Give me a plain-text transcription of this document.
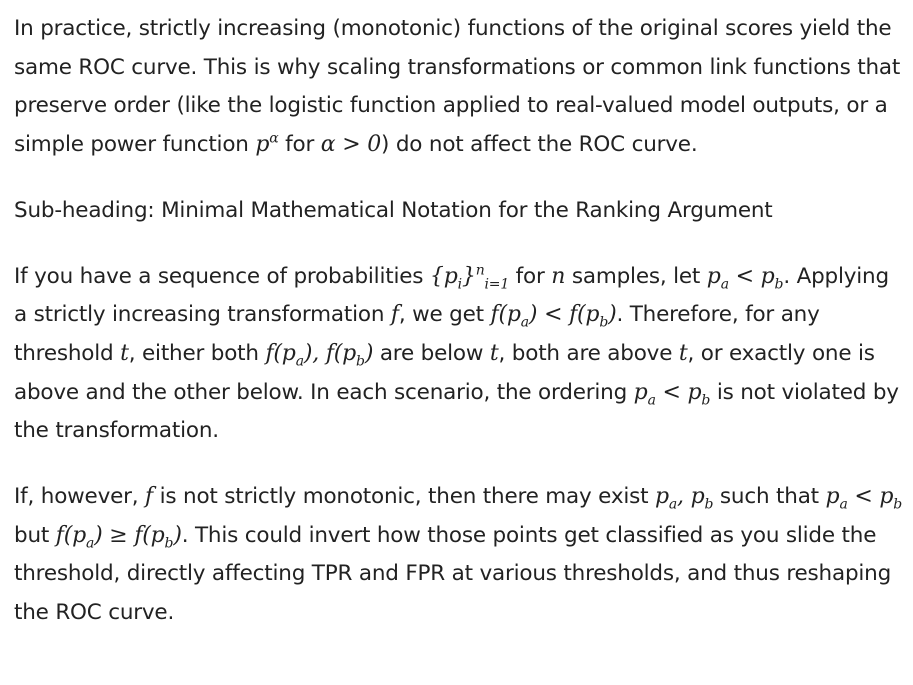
In practice, strictly increasing (monotonic) functions of the original scores yield the same ROC curve. This is why scaling transformations or common link functions that preserve order (like the logistic function applied to real-valued model outputs, or a simple power function $p^\alpha$ for α > 0) do not affect the ROC curve.

Sub-heading: Minimal Mathematical Notation for the Ranking Argument

If you have a sequence of probabilities $\{p_i\}^n_{i=1}$ for n samples, let $p_a < p_b$. Applying a strictly increasing transformation f, we get $f(p_a) < f(p_b)$. Therefore, for any threshold t, either both $f(p_a)$, $f(p_b)$ are below t, both are above t, or exactly one is above and the other below. In each scenario, the ordering $p_a < p_b$ is not violated by the transformation.

If, however, f is not strictly monotonic, then there may exist $p_a$, $p_b$ such that $p_a < p_b$ but $f(p_a) \ge f(p_b)$. This could invert how those points get classified as you slide the threshold, directly affecting TPR and FPR at various thresholds, and thus reshaping the ROC curve.
